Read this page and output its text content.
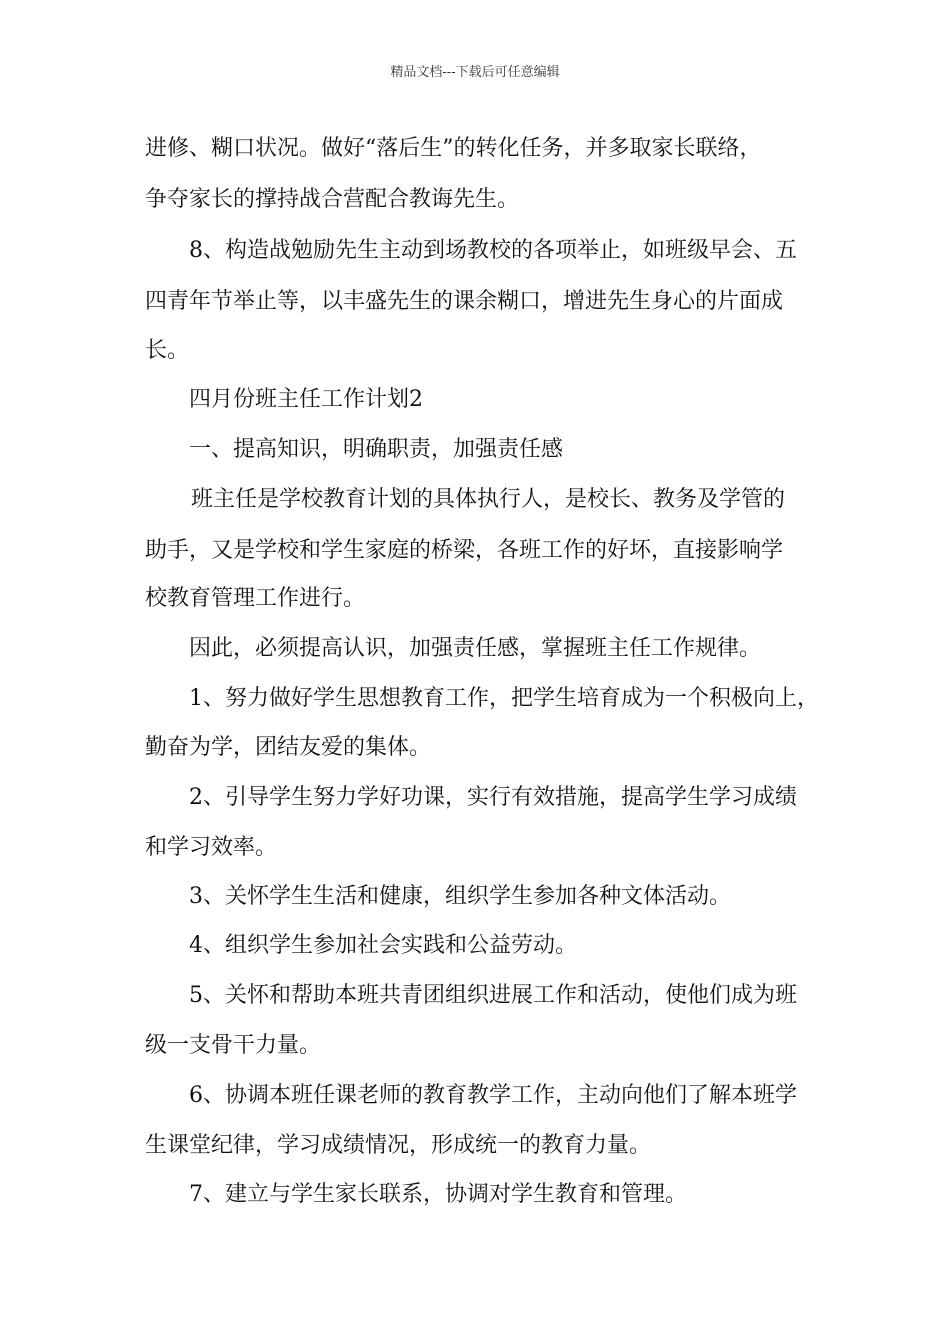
精品文档---下载后可任意编辑
进修、糊口状况。做好“落后生”的转化任务，并多取家长联络，
争夺家长的撑持战合营配合教诲先生。
8、构造战勉励先生主动到场教校的各项举止，如班级早会、五
四青年节举止等，以丰盛先生的课余糊口，增进先生身心的片面成
长。
四月份班主任工作计划2
一、提高知识，明确职责，加强责任感
班主任是学校教育计划的具体执行人，是校长、教务及学管的
助手，又是学校和学生家庭的桥梁，各班工作的好坏，直接影响学
校教育管理工作进行。
因此，必须提高认识，加强责任感，掌握班主任工作规律。
1、努力做好学生思想教育工作，把学生培育成为一个积极向上，
勤奋为学，团结友爱的集体。
2、引导学生努力学好功课，实行有效措施，提高学生学习成绩
和学习效率。
3、关怀学生生活和健康，组织学生参加各种文体活动。
4、组织学生参加社会实践和公益劳动。
5、关怀和帮助本班共青团组织进展工作和活动，使他们成为班
级一支骨干力量。
6、协调本班任课老师的教育教学工作，主动向他们了解本班学
生课堂纪律，学习成绩情况，形成统一的教育力量。
7、建立与学生家长联系，协调对学生教育和管理。
